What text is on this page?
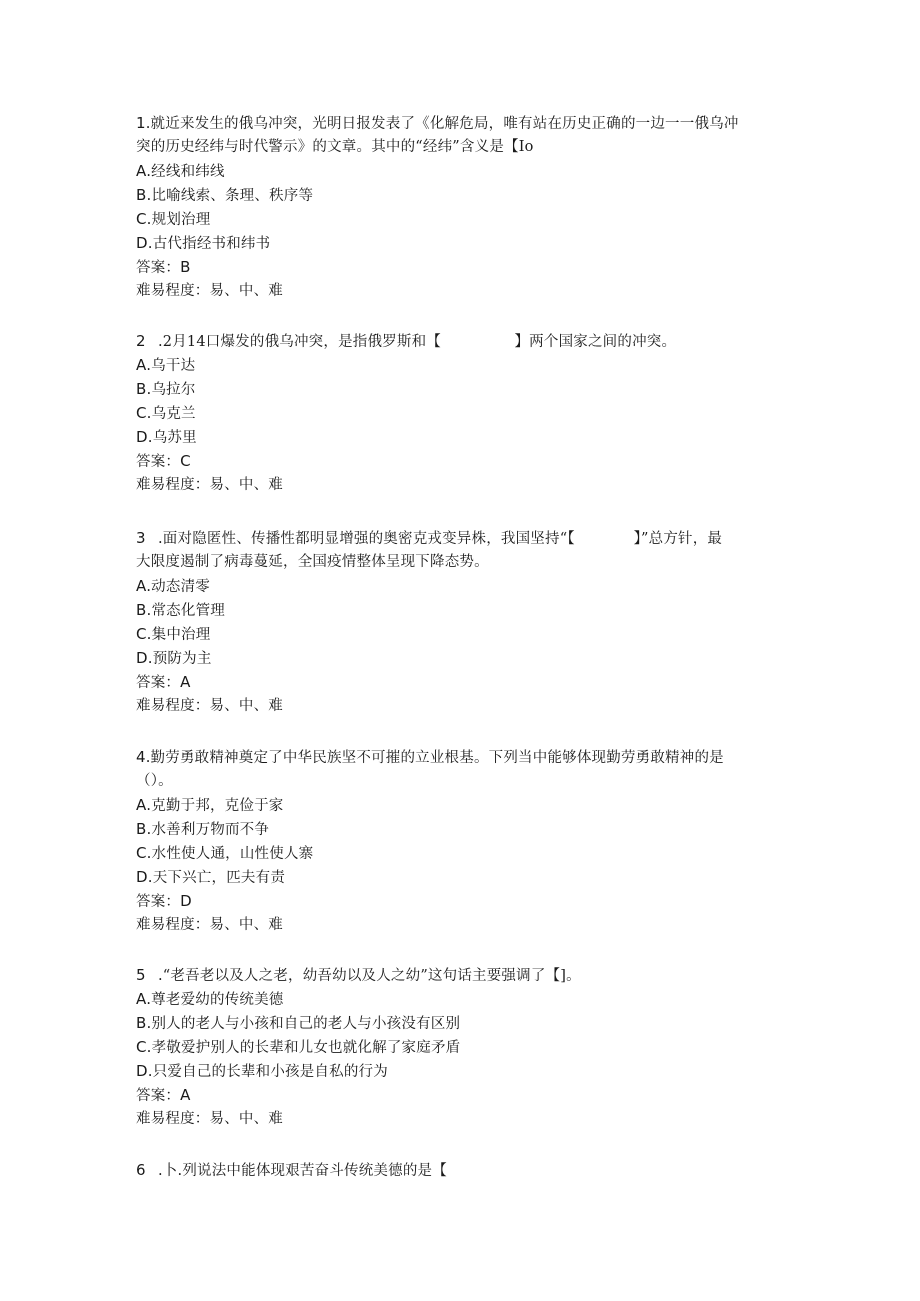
1.就近来发生的俄乌冲突，光明日报发表了《化解危局，唯有站在历史正确的一边一一俄乌冲
突的历史经纬与时代警示》的文章。其中的“经纬”含义是【Io
A.经线和纬线
B.比喻线索、条理、秩序等
C.规划治理
D.古代指经书和纬书
答案：B
难易程度：易、中、难
2 .2月14口爆发的俄乌冲突，是指俄罗斯和【　　　　　】两个国家之间的冲突。
A.乌干达
B.乌拉尔
C.乌克兰
D.乌苏里
答案：C
难易程度：易、中、难
3 .面对隐匿性、传播性都明显增强的奥密克戎变异株，我国坚持“【　　　　】”总方针，最
大限度遏制了病毒蔓延，全国疫情整体呈现下降态势。
A.动态清零
B.常态化管理
C.集中治理
D.预防为主
答案：A
难易程度：易、中、难
4.勤劳勇敢精神奠定了中华民族坚不可摧的立业根基。下列当中能够体现勤劳勇敢精神的是
（）。
A.克勤于邦，克俭于家
B.水善利万物而不争
C.水性使人通，山性使人寨
D.天下兴亡，匹夫有责
答案：D
难易程度：易、中、难
5 .“老吾老以及人之老，幼吾幼以及人之幼”这句话主要强调了【]。
A.尊老爱幼的传统美德
B.别人的老人与小孩和自己的老人与小孩没有区别
C.孝敬爱护别人的长辈和儿女也就化解了家庭矛盾
D.只爱自己的长辈和小孩是自私的行为
答案：A
难易程度：易、中、难
6 .卜.列说法中能体现艰苦奋斗传统美德的是【
